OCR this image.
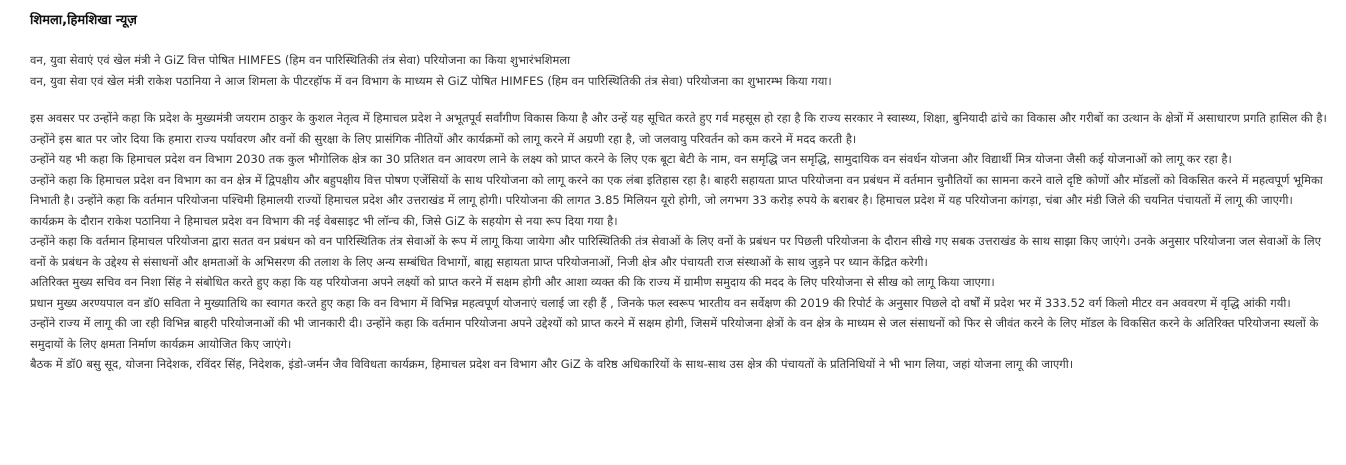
शिमला,हिमशिखा न्यूज़

वन, युवा सेवाएं एवं खेल मंत्री ने GiZ वित्त पोषित HIMFES (हिम वन पारिस्थितिकी तंत्र सेवा) परियोजना का किया शुभारंभशिमला

वन, युवा सेवा एवं खेल मंत्री राकेश पठानिया ने आज शिमला के पीटरहॉफ में वन विभाग के माध्यम से GiZ पोषित HIMFES (हिम वन पारिस्थितिकी तंत्र सेवा) परियोजना का शुभारम्भ किया गया।

इस अवसर पर उन्होंने कहा कि प्रदेश के मुख्यमंत्री जयराम ठाकुर के कुशल नेतृत्व में हिमाचल प्रदेश ने अभूतपूर्व सर्वांगीण विकास किया है और उन्हें यह सूचित करते हुए गर्व महसूस हो रहा है कि राज्य सरकार ने स्वास्थ्य, शिक्षा, बुनियादी ढांचे का विकास और गरीबों का उत्थान के क्षेत्रों में असाधारण प्रगति हासिल की है। उन्होंने इस बात पर जोर दिया कि हमारा राज्य पर्यावरण और वनों की सुरक्षा के लिए प्रासंगिक नीतियों और कार्यक्रमों को लागू करने में अग्रणी रहा है, जो जलवायु परिवर्तन को कम करने में मदद करती है।

उन्होंने यह भी कहा कि हिमाचल प्रदेश वन विभाग 2030 तक कुल भौगोलिक क्षेत्र का 30 प्रतिशत वन आवरण लाने के लक्ष्य को प्राप्त करने के लिए एक बूटा बेटी के नाम, वन समृद्धि जन समृद्धि, सामुदायिक वन संवर्धन योजना और विद्यार्थी मित्र योजना जैसी कई योजनाओं को लागू कर रहा है।

उन्होंने कहा कि हिमाचल प्रदेश वन विभाग का वन क्षेत्र में द्विपक्षीय और बहुपक्षीय वित्त पोषण एजेंसियों के साथ परियोजना को लागू करने का एक लंबा इतिहास रहा है। बाहरी सहायता प्राप्त परियोजना वन प्रबंधन में वर्तमान चुनौतियों का सामना करने वाले दृष्टि कोणों और मॉडलों को विकसित करने में महत्वपूर्ण भूमिका निभाती है। उन्होंने कहा कि वर्तमान परियोजना पश्चिमी हिमालयी राज्यों हिमाचल प्रदेश और उत्तराखंड में लागू होगी। परियोजना की लागत 3.85 मिलियन यूरो होगी, जो लगभग 33 करोड़ रुपये के बराबर है। हिमाचल प्रदेश में यह परियोजना कांगड़ा, चंबा और मंडी जिले की चयनित पंचायतों में लागू की जाएगी।

कार्यक्रम के दौरान राकेश पठानिया ने हिमाचल प्रदेश वन विभाग की नई वेबसाइट भी लॉन्च की, जिसे GiZ के सहयोग से नया रूप दिया गया है।

उन्होंने कहा कि वर्तमान हिमाचल परियोजना द्वारा सतत वन प्रबंधन को वन पारिस्थितिक तंत्र सेवाओं के रूप में लागू किया जायेगा और पारिस्थितिकी तंत्र सेवाओं के लिए वनों के प्रबंधन पर पिछली परियोजना के दौरान सीखे गए सबक उत्तराखंड के साथ साझा किए जाएंगे। उनके अनुसार परियोजना जल सेवाओं के लिए वनों के प्रबंधन के उद्देश्य से संसाधनों और क्षमताओं के अभिसरण की तलाश के लिए अन्य सम्बंधित विभागों, बाह्य सहायता प्राप्त परियोजनाओं, निजी क्षेत्र और पंचायती राज संस्थाओं के साथ जुड़ने पर ध्यान केंद्रित करेगी।

अतिरिक्त मुख्य सचिव वन निशा सिंह ने संबोधित करते हुए कहा कि यह परियोजना अपने लक्ष्यों को प्राप्त करने में सक्षम होगी और आशा व्यक्त की कि राज्य में ग्रामीण समुदाय की मदद के लिए परियोजना से सीख को लागू किया जाएगा।

प्रधान मुख्य अरण्यपाल वन डॉ0 सविता ने मुख्यातिथि का स्वागत करते हुए कहा कि वन विभाग में विभिन्न महत्वपूर्ण योजनाएं चलाई जा रही हैं , जिनके फल स्वरूप भारतीय वन सर्वेक्षण की 2019 की रिपोर्ट के अनुसार पिछले दो वर्षों में प्रदेश भर में 333.52 वर्ग किलो मीटर वन अववरण में वृद्धि आंकी गयी।

उन्होंने राज्य में लागू की जा रही विभिन्न बाहरी परियोजनाओं की भी जानकारी दी। उन्होंने कहा कि वर्तमान परियोजना अपने उद्देश्यों को प्राप्त करने में सक्षम होगी, जिसमें परियोजना क्षेत्रों के वन क्षेत्र के माध्यम से जल संसाधनों को फिर से जीवंत करने के लिए मॉडल के विकसित करने के अतिरिक्त परियोजना स्थलों के समुदायों के लिए क्षमता निर्माण कार्यक्रम आयोजित किए जाएंगे।

बैठक में डॉ0 बसु सूद, योजना निदेशक, रविंदर सिंह, निदेशक, इंडो-जर्मन जैव विविधता कार्यक्रम, हिमाचल प्रदेश वन विभाग और GiZ के वरिष्ठ अधिकारियों के साथ-साथ उस क्षेत्र की पंचायतों के प्रतिनिधियों ने भी भाग लिया, जहां योजना लागू की जाएगी।
